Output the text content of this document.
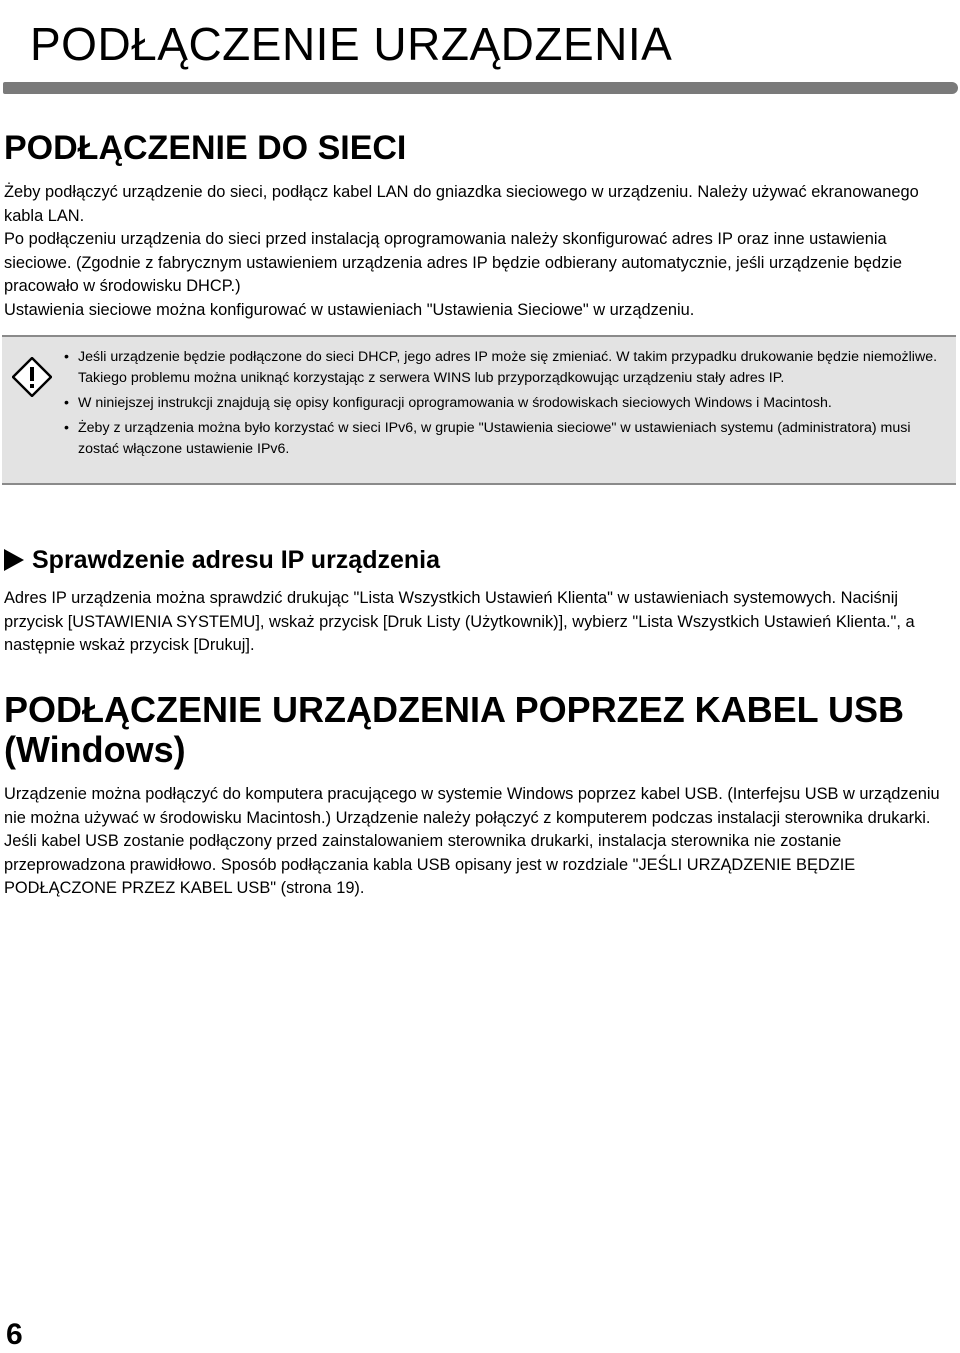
PODŁĄCZENIE URZĄDZENIA
PODŁĄCZENIE DO SIECI

Żeby podłączyć urządzenie do sieci, podłącz kabel LAN do gniazdka sieciowego w urządzeniu. Należy używać ekranowanego kabla LAN.

Po podłączeniu urządzenia do sieci przed instalacją oprogramowania należy skonfigurować adres IP oraz inne ustawienia sieciowe. (Zgodnie z fabrycznym ustawieniem urządzenia adres IP będzie odbierany automatycznie, jeśli urządzenie będzie pracowało w środowisku DHCP.)

Ustawienia sieciowe można konfigurować w ustawieniach "Ustawienia Sieciowe" w urządzeniu.

• Jeśli urządzenie będzie podłączone do sieci DHCP, jego adres IP może się zmieniać. W takim przypadku drukowanie będzie niemożliwe. Takiego problemu można uniknąć korzystając z serwera WINS lub przyporządkowując urządzeniu stały adres IP.
• W niniejszej instrukcji znajdują się opisy konfiguracji oprogramowania w środowiskach sieciowych Windows i Macintosh.
• Żeby z urządzenia można było korzystać w sieci IPv6, w grupie "Ustawienia sieciowe" w ustawieniach systemu (administratora) musi zostać włączone ustawienie IPv6.
Sprawdzenie adresu IP urządzenia

Adres IP urządzenia można sprawdzić drukując "Lista Wszystkich Ustawień Klienta" w ustawieniach systemowych. Naciśnij przycisk [USTAWIENIA SYSTEMU], wskaż przycisk [Druk Listy (Użytkownik)], wybierz "Lista Wszystkich Ustawień Klienta.", a następnie wskaż przycisk [Drukuj].

PODŁĄCZENIE URZĄDZENIA POPRZEZ KABEL USB (Windows)

Urządzenie można podłączyć do komputera pracującego w systemie Windows poprzez kabel USB. (Interfejsu USB w urządzeniu nie można używać w środowisku Macintosh.) Urządzenie należy połączyć z komputerem podczas instalacji sterownika drukarki. Jeśli kabel USB zostanie podłączony przed zainstalowaniem sterownika drukarki, instalacja sterownika nie zostanie przeprowadzona prawidłowo. Sposób podłączania kabla USB opisany jest w rozdziale "JEŚLI URZĄDZENIE BĘDZIE PODŁĄCZONE PRZEZ KABEL USB" (strona 19).

6
